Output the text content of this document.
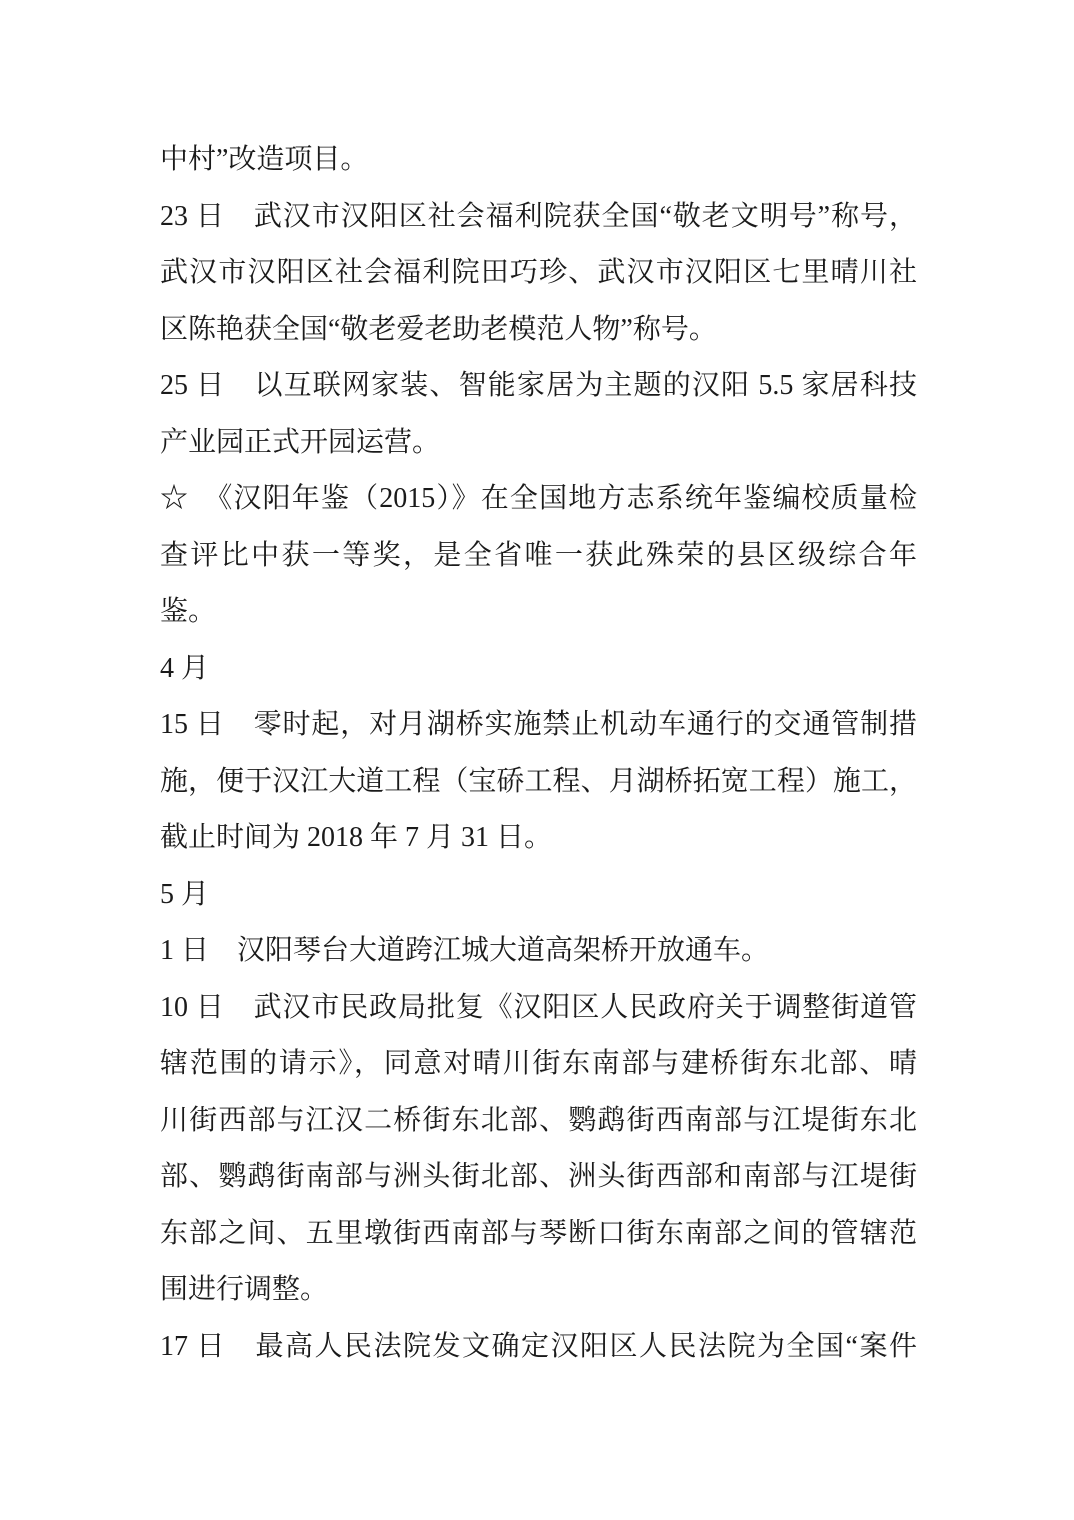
中村”改造项目。
23 日　武汉市汉阳区社会福利院获全国“敬老文明号”称号，
武汉市汉阳区社会福利院田巧珍、武汉市汉阳区七里晴川社
区陈艳获全国“敬老爱老助老模范人物”称号。
25 日　以互联网家装、智能家居为主题的汉阳 5.5 家居科技
产业园正式开园运营。
☆　《汉阳年鉴（2015）》在全国地方志系统年鉴编校质量检
查评比中获一等奖，是全省唯一获此殊荣的县区级综合年
鉴。
4 月
15 日　零时起，对月湖桥实施禁止机动车通行的交通管制措
施，便于汉江大道工程（宝硚工程、月湖桥拓宽工程）施工，
截止时间为 2018 年 7 月 31 日。
5 月
1 日　汉阳琴台大道跨江城大道高架桥开放通车。
10 日　武汉市民政局批复《汉阳区人民政府关于调整街道管
辖范围的请示》，同意对晴川街东南部与建桥街东北部、晴
川街西部与江汉二桥街东北部、鹦鹉街西南部与江堤街东北
部、鹦鹉街南部与洲头街北部、洲头街西部和南部与江堤街
东部之间、五里墩街西南部与琴断口街东南部之间的管辖范
围进行调整。
17 日　最高人民法院发文确定汉阳区人民法院为全国“案件
